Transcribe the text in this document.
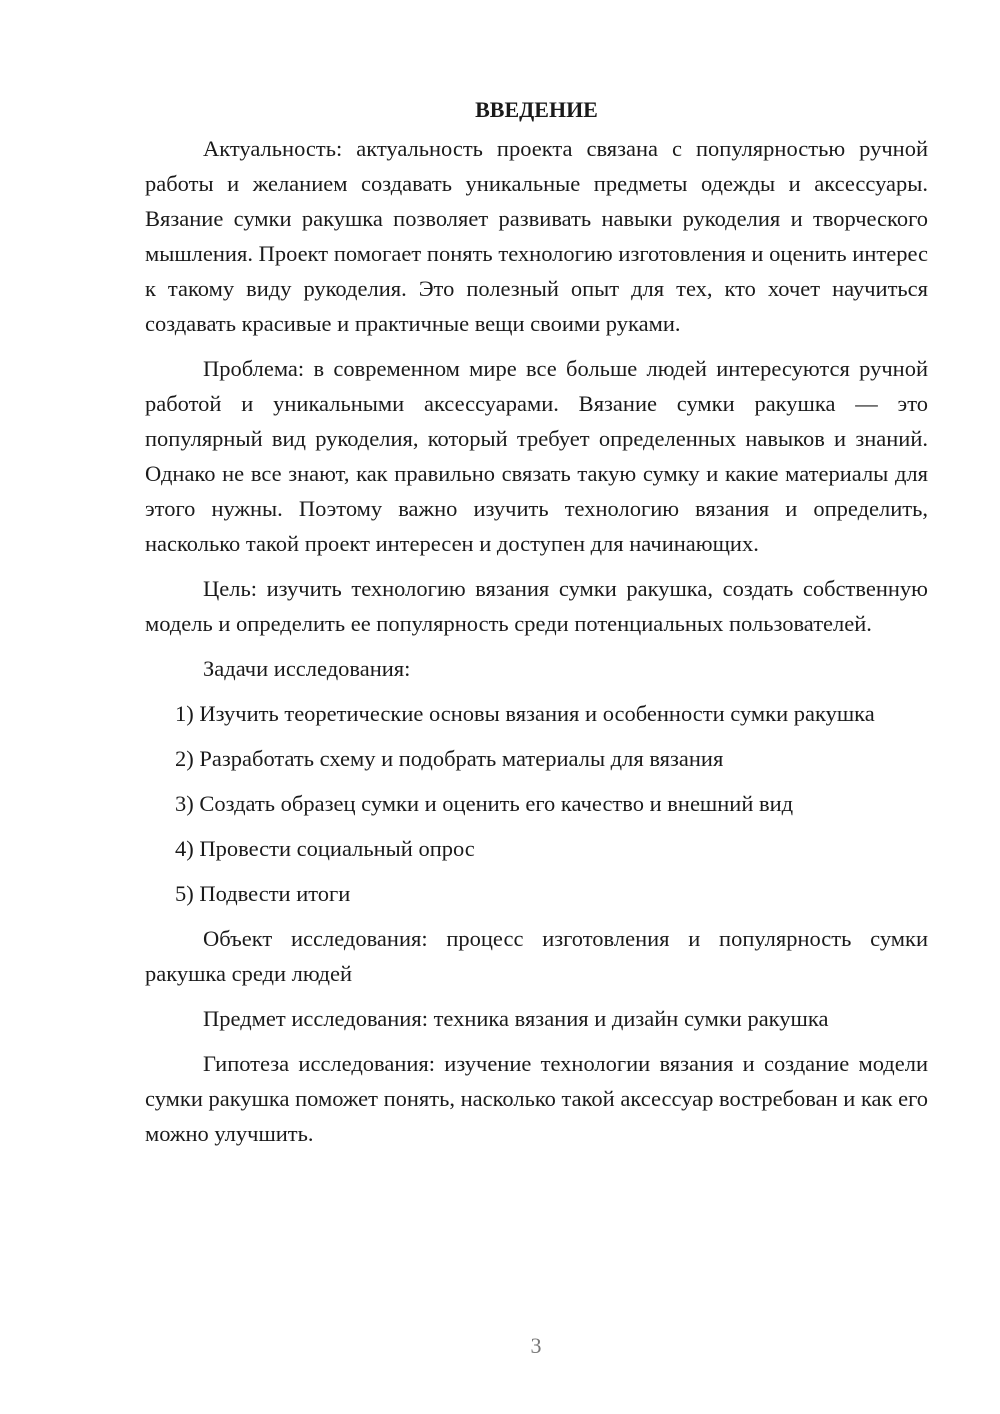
ВВЕДЕНИЕ

Актуальность: актуальность проекта связана с популярностью ручной работы и желанием создавать уникальные предметы одежды и аксессуары. Вязание сумки ракушка позволяет развивать навыки рукоделия и творческого мышления. Проект помогает понять технологию изготовления и оценить интерес к такому виду рукоделия. Это полезный опыт для тех, кто хочет научиться создавать красивые и практичные вещи своими руками.

Проблема: в современном мире все больше людей интересуются ручной работой и уникальными аксессуарами. Вязание сумки ракушка — это популярный вид рукоделия, который требует определенных навыков и знаний. Однако не все знают, как правильно связать такую сумку и какие материалы для этого нужны. Поэтому важно изучить технологию вязания и определить, насколько такой проект интересен и доступен для начинающих.

Цель: изучить технологию вязания сумки ракушка, создать собственную модель и определить ее популярность среди потенциальных пользователей.

Задачи исследования:

1) Изучить теоретические основы вязания и особенности сумки ракушка

2) Разработать схему и подобрать материалы для вязания

3) Создать образец сумки и оценить его качество и внешний вид

4) Провести социальный опрос

5) Подвести итоги

Объект исследования: процесс изготовления и популярность сумки ракушка среди людей

Предмет исследования: техника вязания и дизайн сумки ракушка

Гипотеза исследования: изучение технологии вязания и создание модели сумки ракушка поможет понять, насколько такой аксессуар востребован и как его можно улучшить.

3
